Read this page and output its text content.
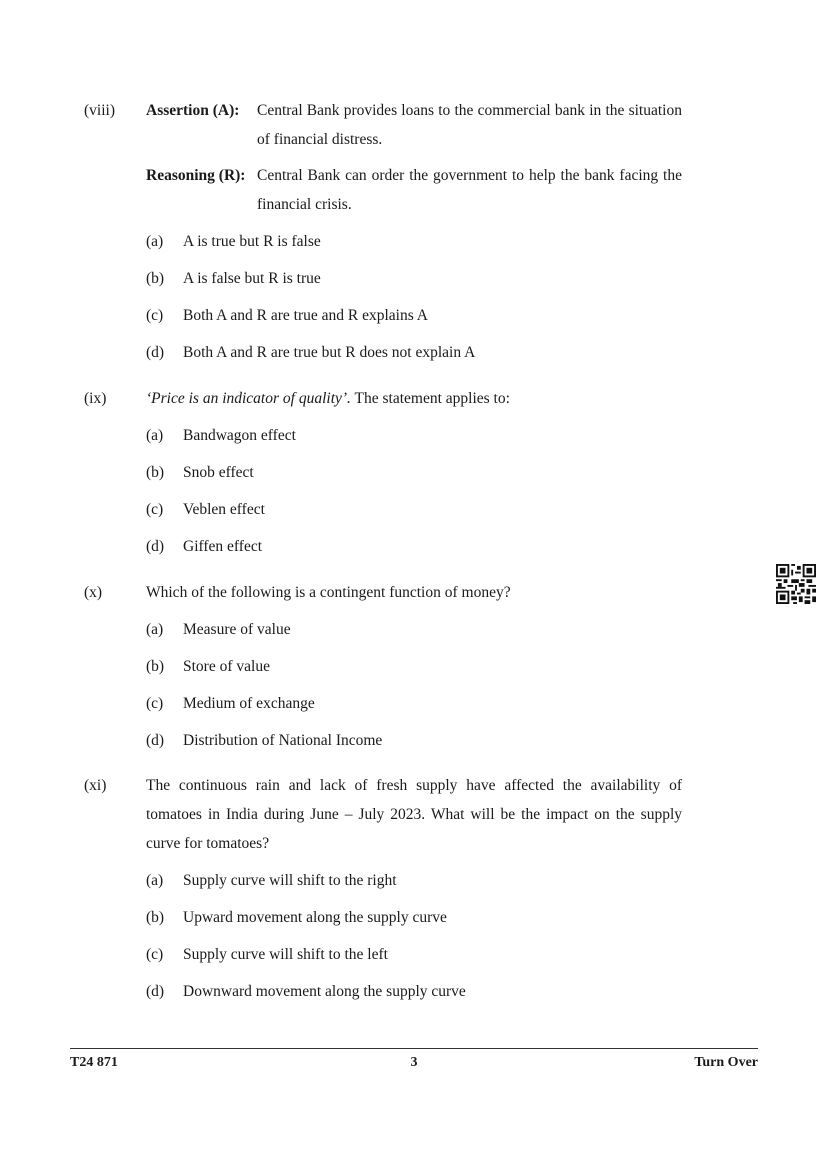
(viii) Assertion (A): Central Bank provides loans to the commercial bank in the situation of financial distress.
Reasoning (R): Central Bank can order the government to help the bank facing the financial crisis.
(a) A is true but R is false
(b) A is false but R is true
(c) Both A and R are true and R explains A
(d) Both A and R are true but R does not explain A
(ix)	‘Price is an indicator of quality’. The statement applies to:
(a) Bandwagon effect
(b) Snob effect
(c) Veblen effect
(d) Giffen effect
(x)	Which of the following is a contingent function of money?
(a) Measure of value
(b) Store of value
(c) Medium of exchange
(d) Distribution of National Income
(xi)	The continuous rain and lack of fresh supply have affected the availability of tomatoes in India during June – July 2023. What will be the impact on the supply curve for tomatoes?
(a) Supply curve will shift to the right
(b) Upward movement along the supply curve
(c) Supply curve will shift to the left
(d) Downward movement along the supply curve
T24 871	3	Turn Over
